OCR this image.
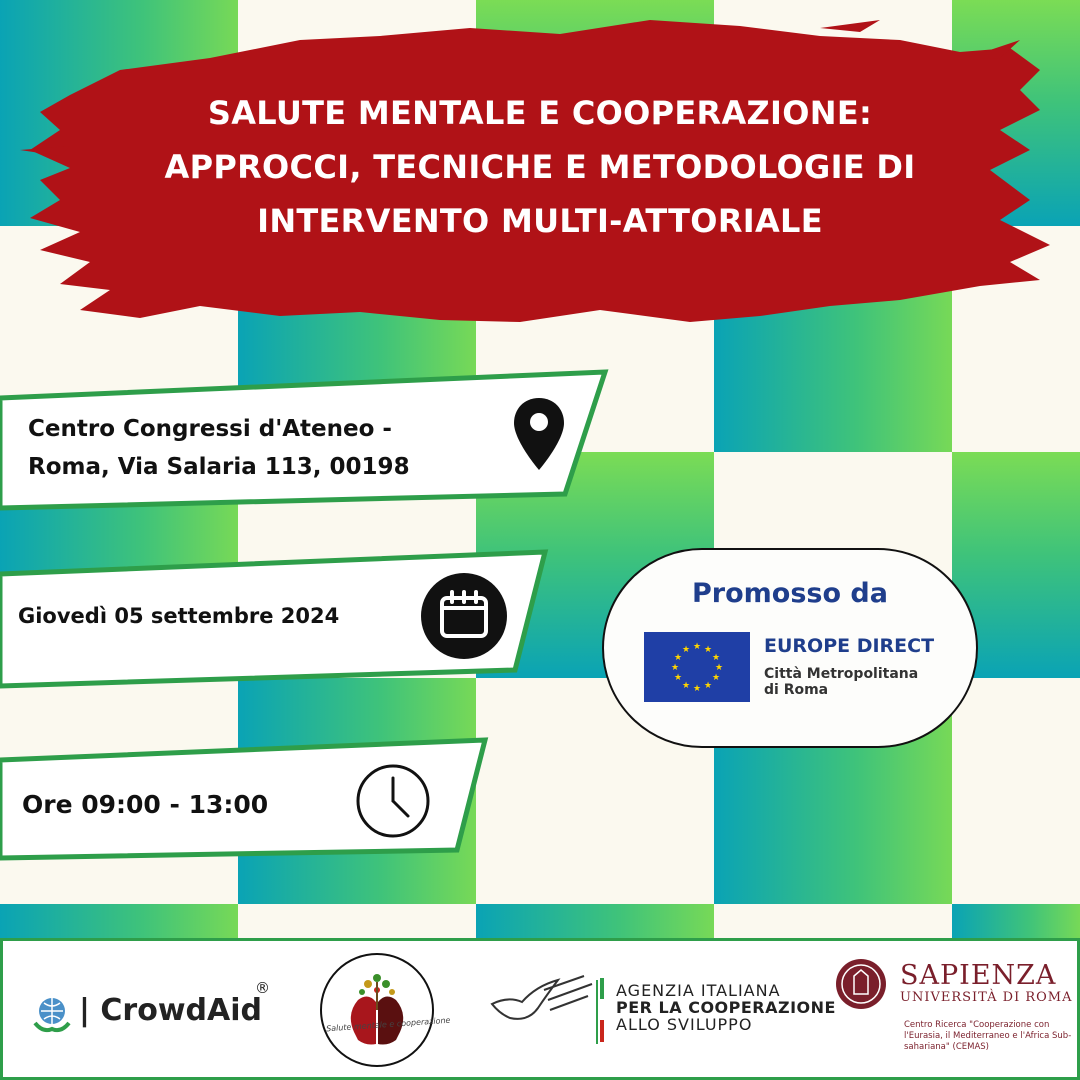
SALUTE MENTALE E COOPERAZIONE:
APPROCCI, TECNICHE E METODOLOGIE DI
INTERVENTO MULTI-ATTORIALE
Centro Congressi d'Ateneo -
Roma, Via Salaria 113, 00198
Giovedì 05 settembre 2024
Ore 09:00 - 13:00
Promosso da
★ ★
★
★
★
★
★
★
★
★
★
★	EUROPE DIRECT
Città Metropolitana
di Roma
| CrowdAid
®
Salute mentale e cooperazione
AGENZIA ITALIANA
PER LA COOPERAZIONE
ALLO SVILUPPO
SAPIENZA
UNIVERSITÀ DI ROMA
Centro Ricerca "Cooperazione con l'Eurasia, il Mediterraneo e l'Africa Sub-sahariana" (CEMAS)
